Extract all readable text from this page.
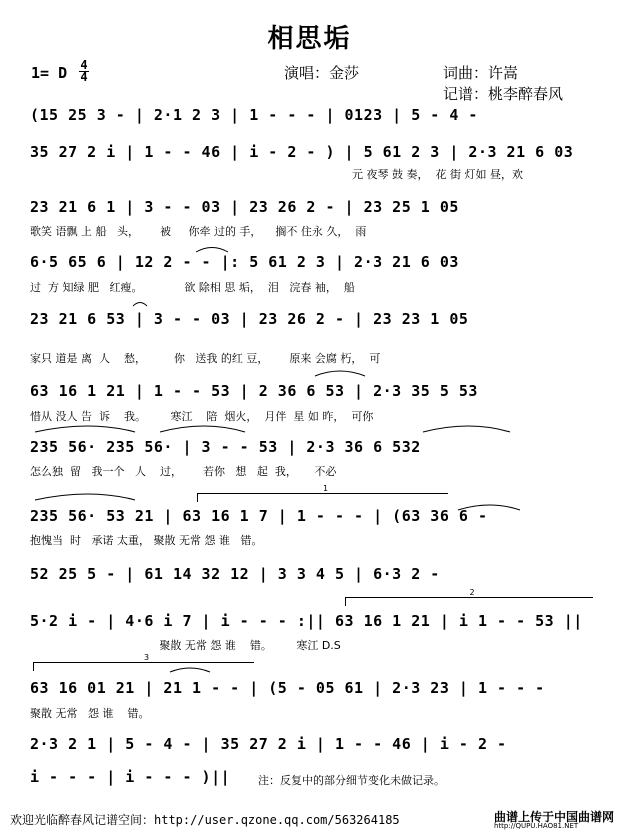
相思垢
1= D 4
4	演唱：金莎	词曲：许嵩
记谱：桃李醉春风
(15 25 3 - | 2·1 2 3 | 1 - - - | 0123 | 5 - 4 -
35 27 2 i | 1 - - 46 | i - 2 - ) | 5 61 2 3 | 2·3 21 6 03
元 夜琴 鼓 奏，  花 街 灯如 昼，欢
23 21 6 1 | 3 - - 03 | 23 26 2 - | 23 25 1 05
歌笑 语飘 上 船   头，      被     你牵 过的 手，    搁不 住永 久，  雨
6·5 65 6 | 12 2 - - |: 5 61 2 3 | 2·3 21 6 03
过  方 知绿 肥   红瘦。            欲 除相 思 垢，  泪   浣春 袖，  船
23 21 6 53 | 3 - - 03 | 23 26 2 - | 23 23 1 05
家只 道是 离  人    愁，        你   送我 的红 豆，      原来 会腐 朽，  可
63 16 1 21 | 1 - - 53 | 2 36 6 53 | 2·3 35 5 53
惜从 没人 告  诉    我。       寒江    陪  烟火，  月伴  星 如 昨，  可你
235 56· 235 56· | 3 - - 53 | 2·3 36 6 532
怎么独  留   我一个   人    过，      若你   想   起  我，     不必
235 56· 53 21 | 63 16 1 7 | 1 - - - | (63 36 6 -
抱愧当  时   承诺 太重， 聚散 无常 怨 谁   错。
52 25 5 - | 61 14 32 12 | 3 3 4 5 | 6·3 2 -
5·2 i - | 4·6 i 7 | i - - - :|| 63 16 1 21 | i 1 - - 53 ||
聚散 无常 怨 谁    错。       寒江 D.S
63 16 01 21 | 21 1 - - | (5 - 05 61 | 2·3 23 | 1 - - -
聚散 无常   怨 谁    错。
2·3 2 1 | 5 - 4 - | 35 27 2 i | 1 - - 46 | i - 2 -
i - - - | i - - - )||	注：反复中的部分细节变化未做记录。
1
2
3
欢迎光临醉春风记谱空间：http://user.qzone.qq.com/563264185	曲谱上传于中国曲谱网
http://QUPU.HAO81.NET
